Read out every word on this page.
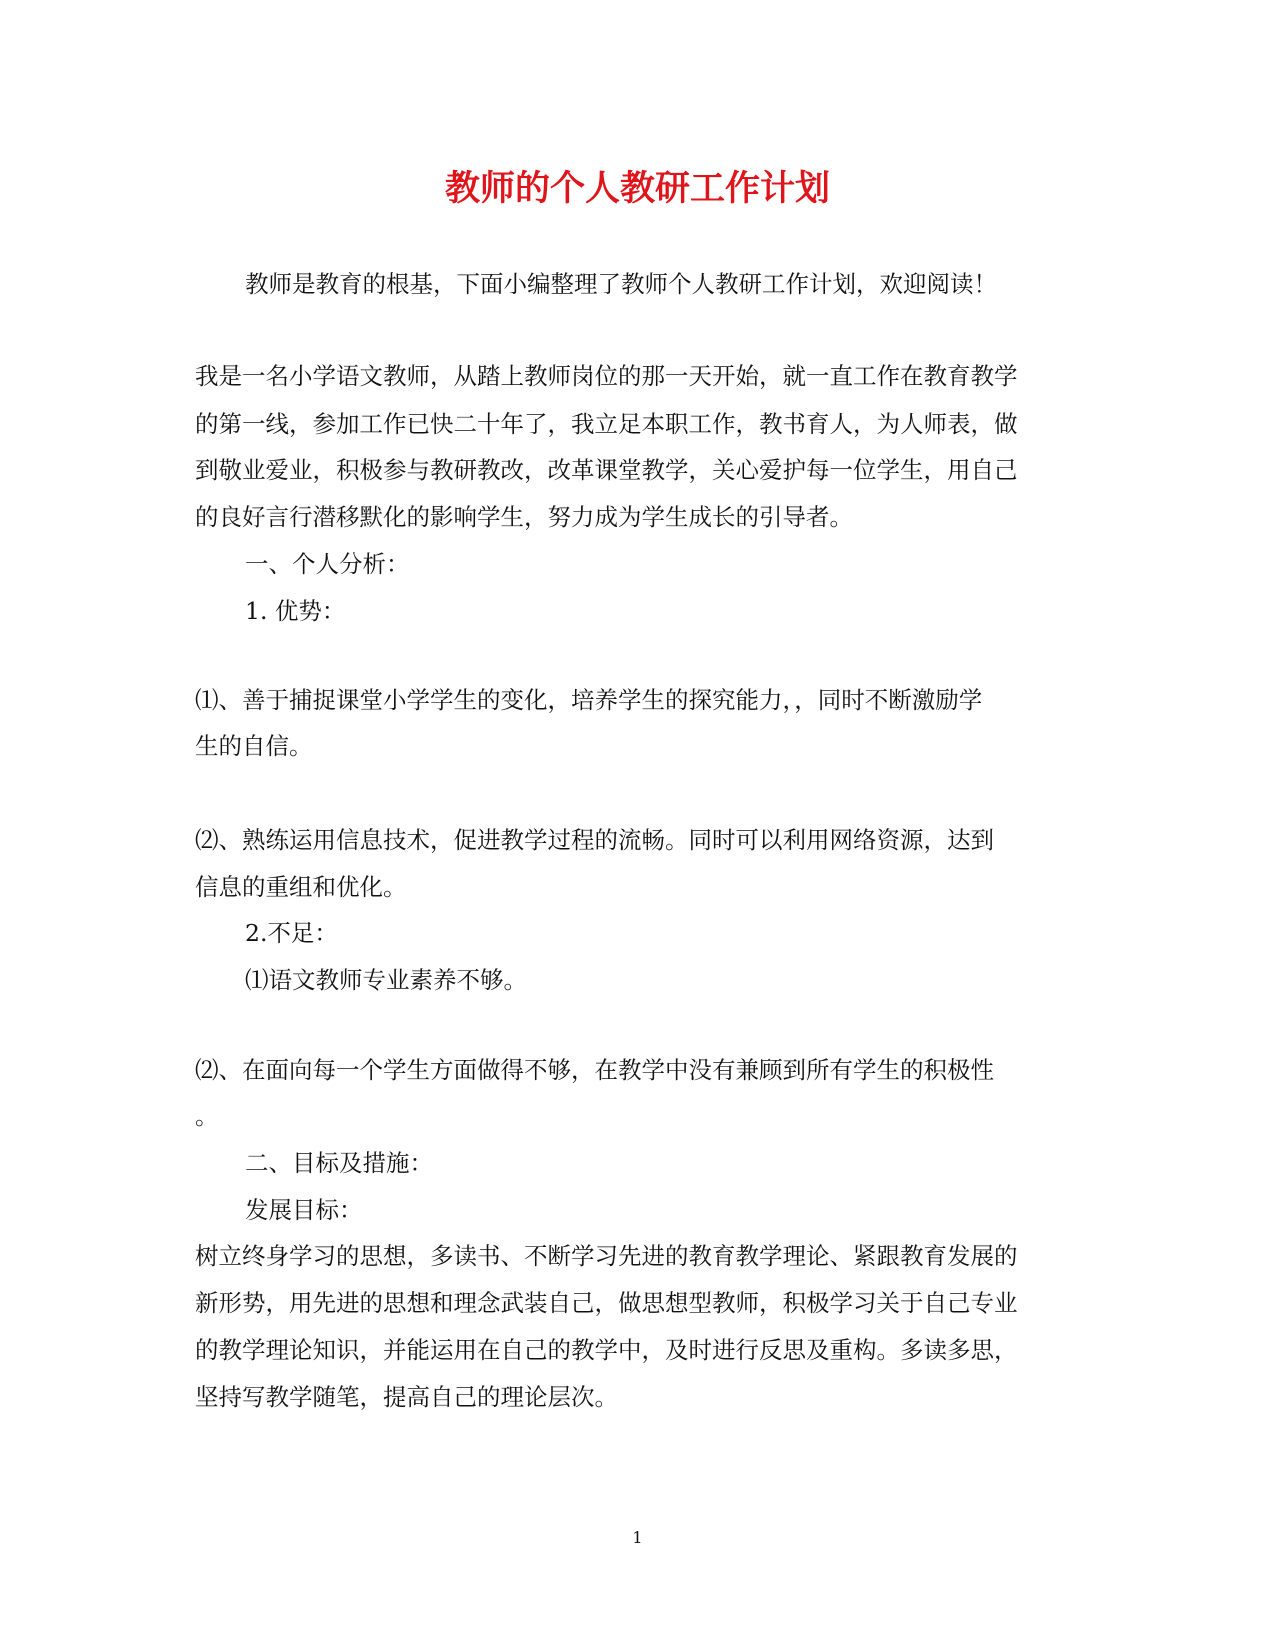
教师的个人教研工作计划

教师是教育的根基，下面小编整理了教师个人教研工作计划，欢迎阅读！

我是一名小学语文教师，从踏上教师岗位的那一天开始，就一直工作在教育教学

的第一线，参加工作已快二十年了，我立足本职工作，教书育人，为人师表，做

到敬业爱业，积极参与教研教改，改革课堂教学，关心爱护每一位学生，用自己

的良好言行潜移默化的影响学生，努力成为学生成长的引导者。

一、个人分析：

1. 优势：

⑴、善于捕捉课堂小学学生的变化，培养学生的探究能力，，同时不断激励学

生的自信。

⑵、熟练运用信息技术，促进教学过程的流畅。同时可以利用网络资源，达到

信息的重组和优化。

2.不足：

⑴语文教师专业素养不够。

⑵、在面向每一个学生方面做得不够，在教学中没有兼顾到所有学生的积极性

。

二、目标及措施：

发展目标：

树立终身学习的思想，多读书、不断学习先进的教育教学理论、紧跟教育发展的

新形势，用先进的思想和理念武装自己，做思想型教师，积极学习关于自己专业

的教学理论知识，并能运用在自己的教学中，及时进行反思及重构。多读多思，

坚持写教学随笔，提高自己的理论层次。

1
